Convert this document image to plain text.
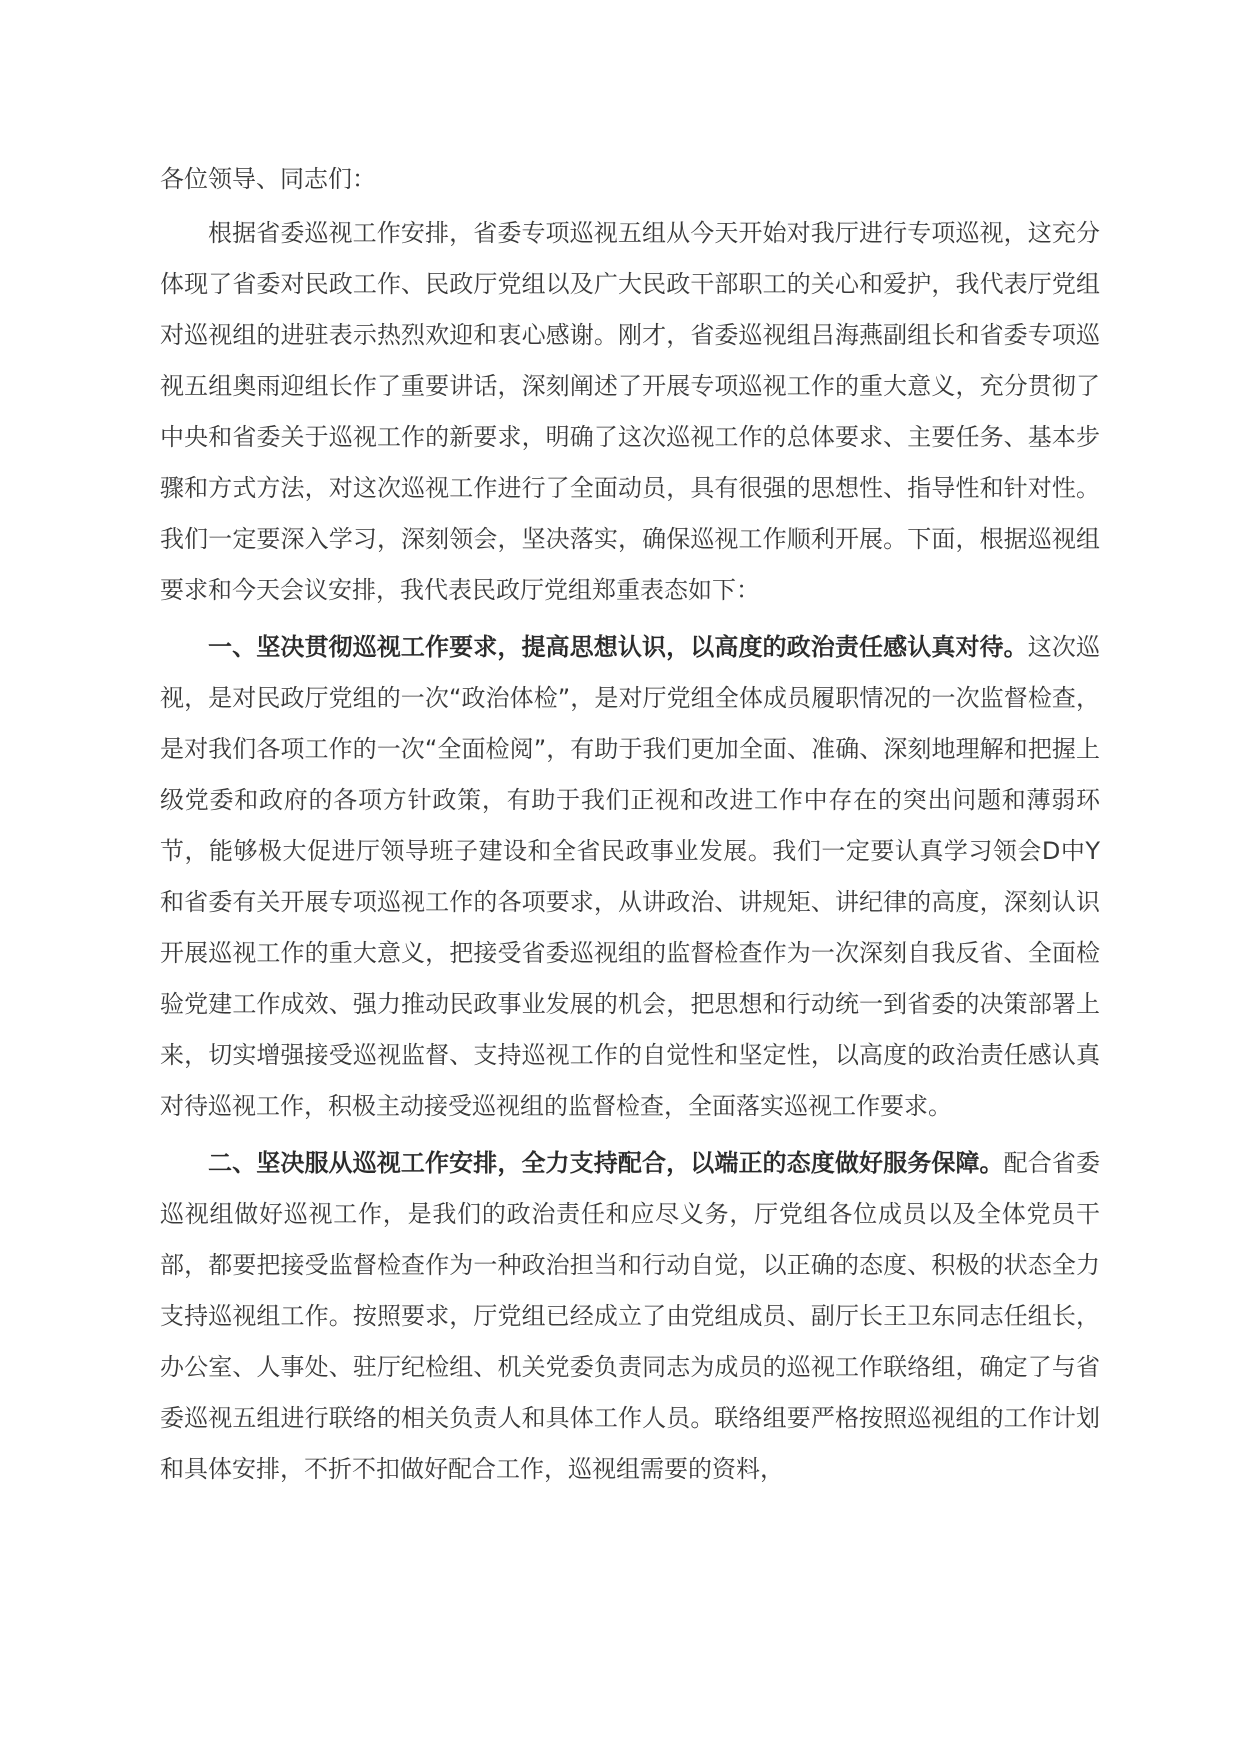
各位领导、同志们：

根据省委巡视工作安排，省委专项巡视五组从今天开始对我厅进行专项巡视，这充分体现了省委对民政工作、民政厅党组以及广大民政干部职工的关心和爱护，我代表厅党组对巡视组的进驻表示热烈欢迎和衷心感谢。刚才，省委巡视组吕海燕副组长和省委专项巡视五组奥雨迎组长作了重要讲话，深刻阐述了开展专项巡视工作的重大意义，充分贯彻了中央和省委关于巡视工作的新要求，明确了这次巡视工作的总体要求、主要任务、基本步骤和方式方法，对这次巡视工作进行了全面动员，具有很强的思想性、指导性和针对性。我们一定要深入学习，深刻领会，坚决落实，确保巡视工作顺利开展。下面，根据巡视组要求和今天会议安排，我代表民政厅党组郑重表态如下：

一、坚决贯彻巡视工作要求，提高思想认识，以高度的政治责任感认真对待。这次巡视，是对民政厅党组的一次“政治体检”，是对厅党组全体成员履职情况的一次监督检查，是对我们各项工作的一次“全面检阅”，有助于我们更加全面、准确、深刻地理解和把握上级党委和政府的各项方针政策，有助于我们正视和改进工作中存在的突出问题和薄弱环节，能够极大促进厅领导班子建设和全省民政事业发展。我们一定要认真学习领会D中Y和省委有关开展专项巡视工作的各项要求，从讲政治、讲规矩、讲纪律的高度，深刻认识开展巡视工作的重大意义，把接受省委巡视组的监督检查作为一次深刻自我反省、全面检验党建工作成效、强力推动民政事业发展的机会，把思想和行动统一到省委的决策部署上来，切实增强接受巡视监督、支持巡视工作的自觉性和坚定性，以高度的政治责任感认真对待巡视工作，积极主动接受巡视组的监督检查，全面落实巡视工作要求。

二、坚决服从巡视工作安排，全力支持配合，以端正的态度做好服务保障。配合省委巡视组做好巡视工作，是我们的政治责任和应尽义务，厅党组各位成员以及全体党员干部，都要把接受监督检查作为一种政治担当和行动自觉，以正确的态度、积极的状态全力支持巡视组工作。按照要求，厅党组已经成立了由党组成员、副厅长王卫东同志任组长，办公室、人事处、驻厅纪检组、机关党委负责同志为成员的巡视工作联络组，确定了与省委巡视五组进行联络的相关负责人和具体工作人员。联络组要严格按照巡视组的工作计划和具体安排，不折不扣做好配合工作，巡视组需要的资料，
